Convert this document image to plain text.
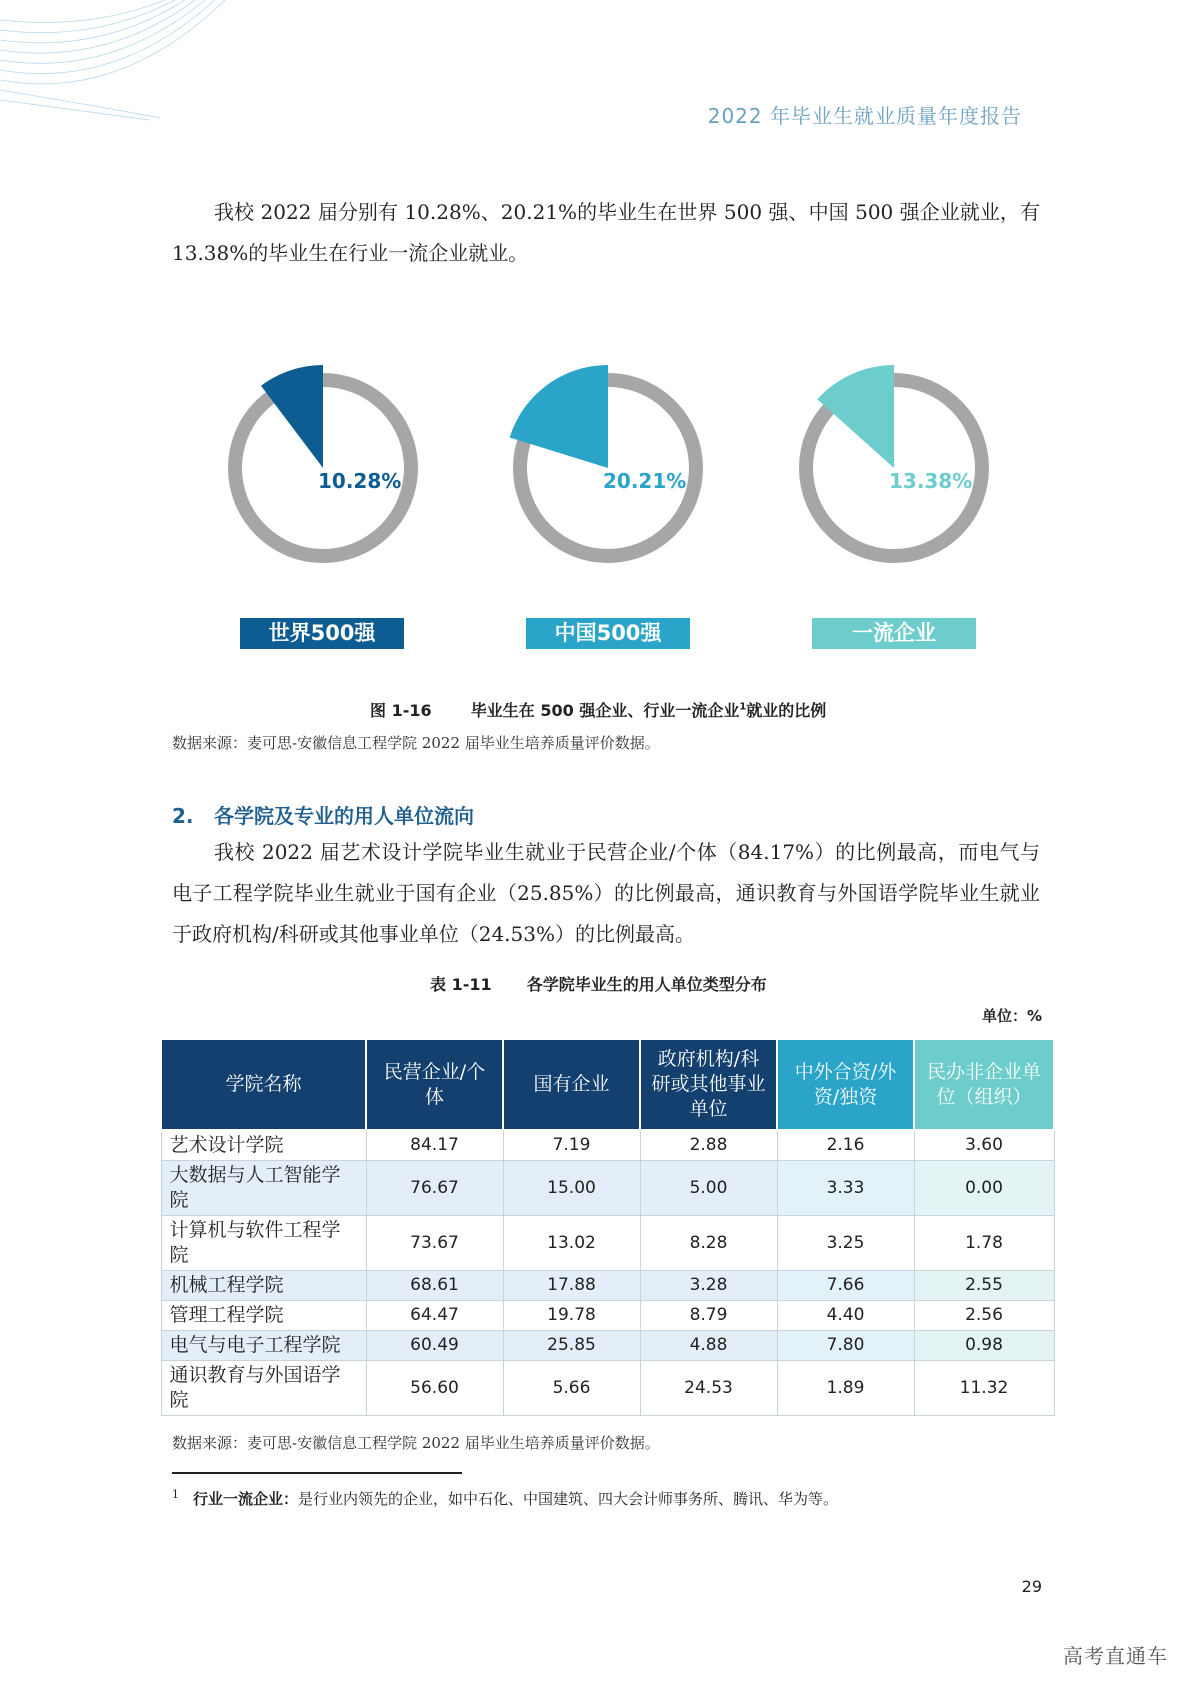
2022 年毕业生就业质量年度报告

我校 2022 届分别有 10.28%、20.21%的毕业生在世界 500 强、中国 500 强企业就业，有 13.38%的毕业生在行业一流企业就业。

10.28%	20.21%	13.38%
世界500强	中国500强	一流企业
图 1-16 毕业生在 500 强企业、行业一流企业$^1$就业的比例
数据来源：麦可思-安徽信息工程学院 2022 届毕业生培养质量评价数据。
2. 各学院及专业的用人单位流向

我校 2022 届艺术设计学院毕业生就业于民营企业/个体（84.17%）的比例最高，而电气与电子工程学院毕业生就业于国有企业（25.85%）的比例最高，通识教育与外国语学院毕业生就业于政府机构/科研或其他事业单位（24.53%）的比例最高。

表 1-11 各学院毕业生的用人单位类型分布
单位：%
学院名称	民营企业/个体	国有企业	政府机构/科研或其他事业单位	中外合资/外资/独资	民办非企业单位（组织）
艺术设计学院	84.17	7.19	2.88	2.16	3.60
大数据与人工智能学院	76.67	15.00	5.00	3.33	0.00
计算机与软件工程学院	73.67	13.02	8.28	3.25	1.78
机械工程学院	68.61	17.88	3.28	7.66	2.55
管理工程学院	64.47	19.78	8.79	4.40	2.56
电气与电子工程学院	60.49	25.85	4.88	7.80	0.98
通识教育与外国语学院	56.60	5.66	24.53	1.89	11.32
数据来源：麦可思-安徽信息工程学院 2022 届毕业生培养质量评价数据。
$^1$ 行业一流企业：是行业内领先的企业，如中石化、中国建筑、四大会计师事务所、腾讯、华为等。
29
高考直通车
